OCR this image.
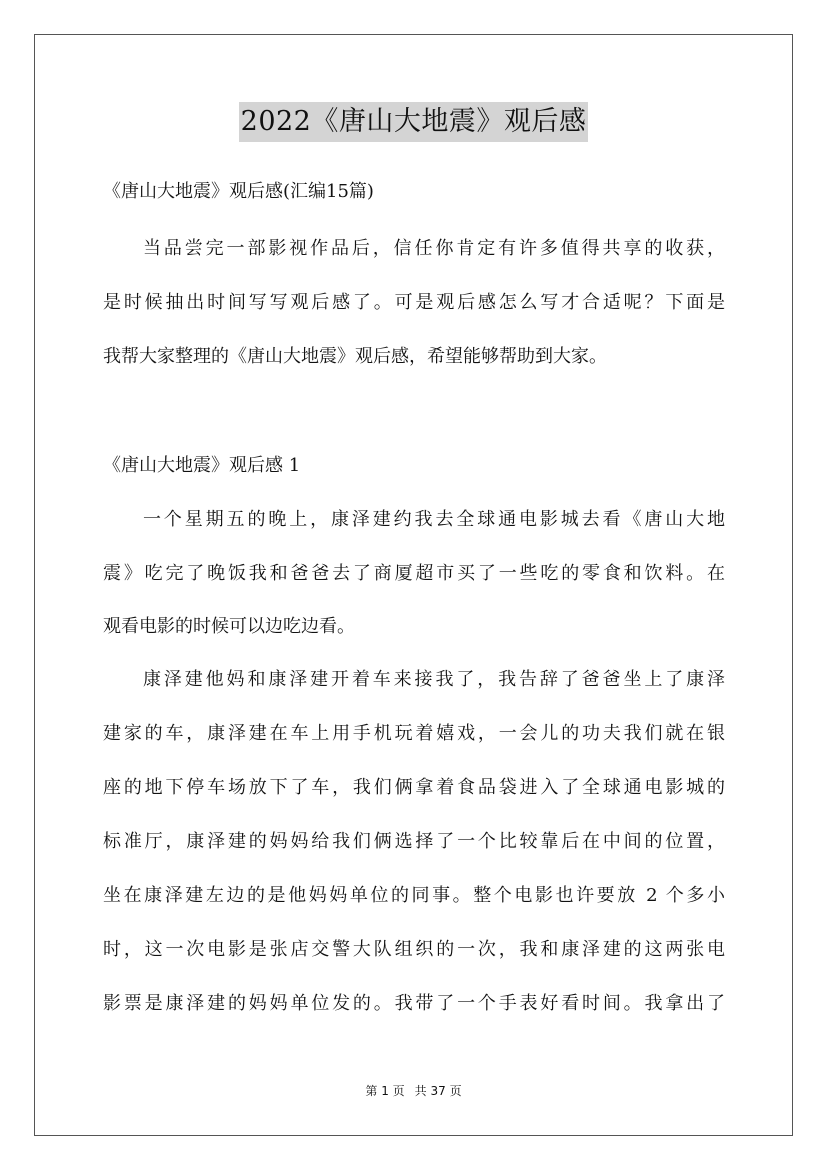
2022《唐山大地震》观后感
《唐山大地震》观后感(汇编15篇)
当品尝完一部影视作品后，信任你肯定有许多值得共享的收获，
是时候抽出时间写写观后感了。可是观后感怎么写才合适呢？下面是
我帮大家整理的《唐山大地震》观后感，希望能够帮助到大家。
《唐山大地震》观后感 1
一个星期五的晚上，康泽建约我去全球通电影城去看《唐山大地
震》吃完了晚饭我和爸爸去了商厦超市买了一些吃的零食和饮料。在
观看电影的时候可以边吃边看。
康泽建他妈和康泽建开着车来接我了，我告辞了爸爸坐上了康泽
建家的车，康泽建在车上用手机玩着嬉戏，一会儿的功夫我们就在银
座的地下停车场放下了车，我们俩拿着食品袋进入了全球通电影城的
标准厅，康泽建的妈妈给我们俩选择了一个比较靠后在中间的位置，
坐在康泽建左边的是他妈妈单位的同事。整个电影也许要放 2 个多小
时，这一次电影是张店交警大队组织的一次，我和康泽建的这两张电
影票是康泽建的妈妈单位发的。我带了一个手表好看时间。我拿出了
第 1 页 共 37 页
